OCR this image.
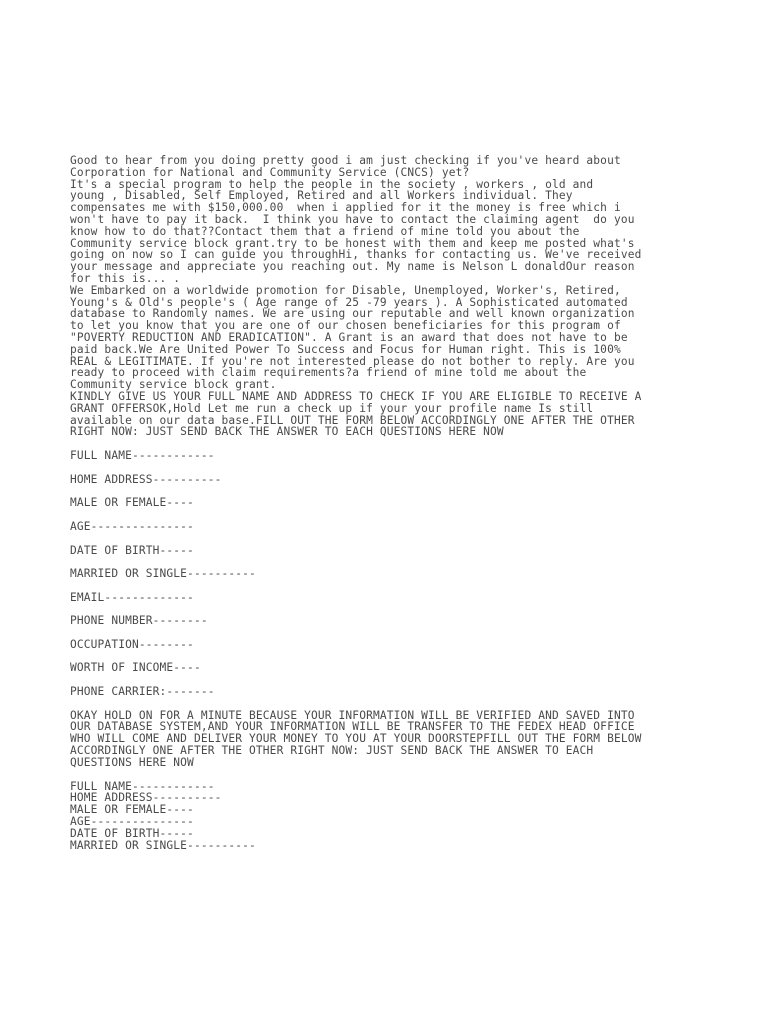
Good to hear from you doing pretty good i am just checking if you've heard about
Corporation for National and Community Service (CNCS) yet?
It's a special program to help the people in the society , workers , old and
young , Disabled, Self Employed, Retired and all Workers individual. They
compensates me with $150,000.00  when i applied for it the money is free which i
won't have to pay it back.  I think you have to contact the claiming agent  do you
know how to do that??Contact them that a friend of mine told you about the
Community service block grant.try to be honest with them and keep me posted what's
going on now so I can guide you throughHi, thanks for contacting us. We've received
your message and appreciate you reaching out. My name is Nelson L donaldOur reason
for this is... .
We Embarked on a worldwide promotion for Disable, Unemployed, Worker's, Retired,
Young's & Old's people's ( Age range of 25 -79 years ). A Sophisticated automated
database to Randomly names. We are using our reputable and well known organization
to let you know that you are one of our chosen beneficiaries for this program of
"POVERTY REDUCTION AND ERADICATION". A Grant is an award that does not have to be
paid back.We Are United Power To Success and Focus for Human right. This is 100%
REAL & LEGITIMATE. If you're not interested please do not bother to reply. Are you
ready to proceed with claim requirements?a friend of mine told me about the
Community service block grant.
KINDLY GIVE US YOUR FULL NAME AND ADDRESS TO CHECK IF YOU ARE ELIGIBLE TO RECEIVE A
GRANT OFFERSOK,Hold Let me run a check up if your your profile name Is still
available on our data base.FILL OUT THE FORM BELOW ACCORDINGLY ONE AFTER THE OTHER
RIGHT NOW: JUST SEND BACK THE ANSWER TO EACH QUESTIONS HERE NOW
FULL NAME------------
HOME ADDRESS----------
MALE OR FEMALE----
AGE---------------
DATE OF BIRTH-----
MARRIED OR SINGLE----------
EMAIL-------------
PHONE NUMBER--------
OCCUPATION--------
WORTH OF INCOME----
PHONE CARRIER:-------
OKAY HOLD ON FOR A MINUTE BECAUSE YOUR INFORMATION WILL BE VERIFIED AND SAVED INTO
OUR DATABASE SYSTEM,AND YOUR INFORMATION WILL BE TRANSFER TO THE FEDEX HEAD OFFICE
WHO WILL COME AND DELIVER YOUR MONEY TO YOU AT YOUR DOORSTEPFILL OUT THE FORM BELOW
ACCORDINGLY ONE AFTER THE OTHER RIGHT NOW: JUST SEND BACK THE ANSWER TO EACH
QUESTIONS HERE NOW
FULL NAME------------
HOME ADDRESS----------
MALE OR FEMALE----
AGE---------------
DATE OF BIRTH-----
MARRIED OR SINGLE----------
